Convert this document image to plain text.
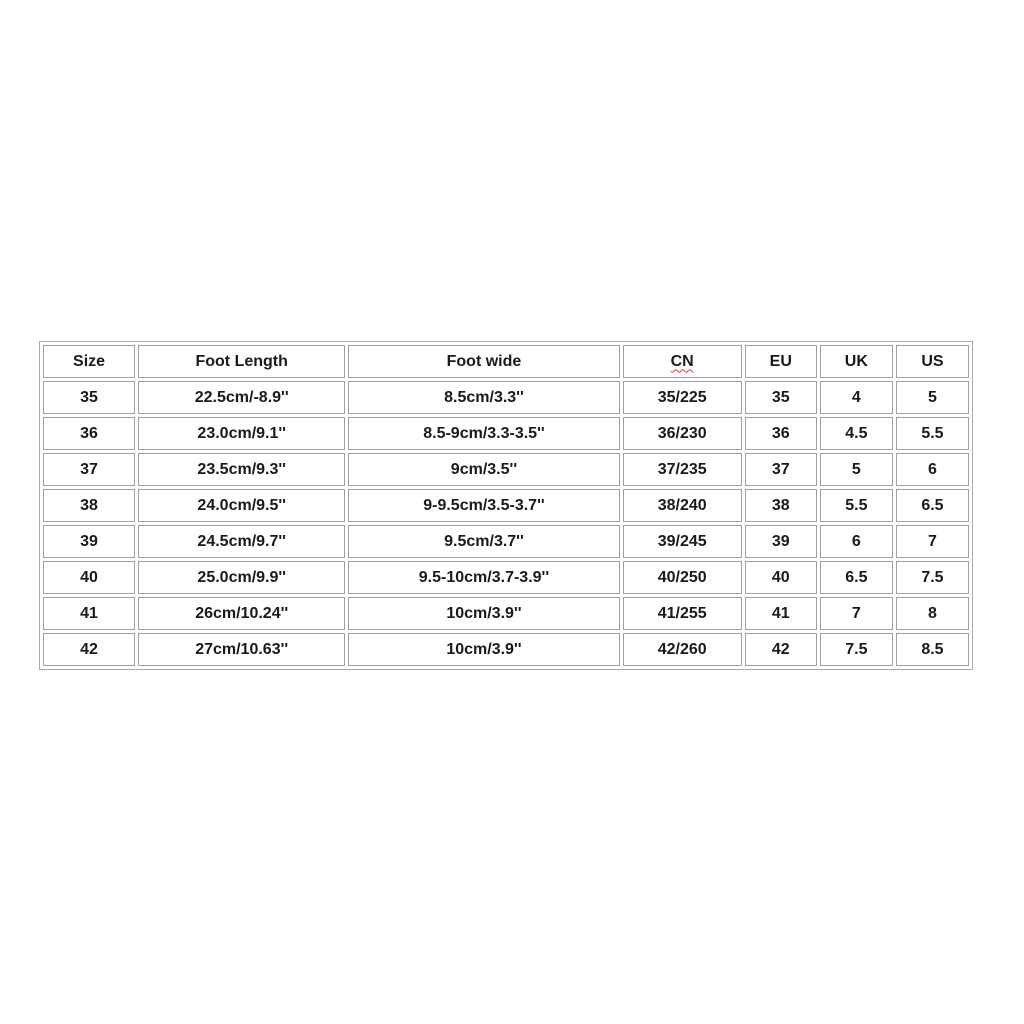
Size	Foot Length	Foot wide	CN	EU	UK	US
35	22.5cm/-8.9''	8.5cm/3.3''	35/225	35	4	5
36	23.0cm/9.1''	8.5-9cm/3.3-3.5''	36/230	36	4.5	5.5
37	23.5cm/9.3''	9cm/3.5''	37/235	37	5	6
38	24.0cm/9.5''	9-9.5cm/3.5-3.7''	38/240	38	5.5	6.5
39	24.5cm/9.7''	9.5cm/3.7''	39/245	39	6	7
40	25.0cm/9.9''	9.5-10cm/3.7-3.9''	40/250	40	6.5	7.5
41	26cm/10.24''	10cm/3.9''	41/255	41	7	8
42	27cm/10.63''	10cm/3.9''	42/260	42	7.5	8.5
